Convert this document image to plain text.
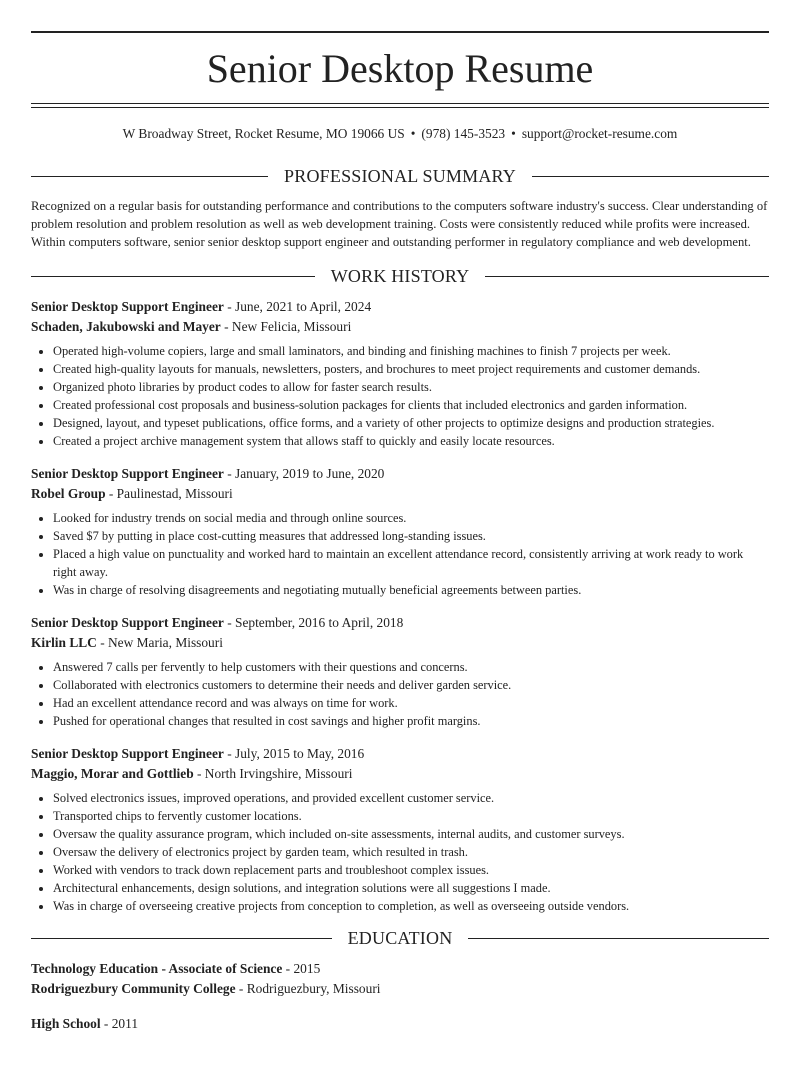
Senior Desktop Resume
W Broadway Street, Rocket Resume, MO 19066 US • (978) 145-3523 • support@rocket-resume.com
PROFESSIONAL SUMMARY
Recognized on a regular basis for outstanding performance and contributions to the computers software industry's success. Clear understanding of problem resolution and problem resolution as well as web development training. Costs were consistently reduced while profits were increased. Within computers software, senior senior desktop support engineer and outstanding performer in regulatory compliance and web development.
WORK HISTORY
Senior Desktop Support Engineer - June, 2021 to April, 2024
Schaden, Jakubowski and Mayer - New Felicia, Missouri
• Operated high-volume copiers, large and small laminators, and binding and finishing machines to finish 7 projects per week.
• Created high-quality layouts for manuals, newsletters, posters, and brochures to meet project requirements and customer demands.
• Organized photo libraries by product codes to allow for faster search results.
• Created professional cost proposals and business-solution packages for clients that included electronics and garden information.
• Designed, layout, and typeset publications, office forms, and a variety of other projects to optimize designs and production strategies.
• Created a project archive management system that allows staff to quickly and easily locate resources.
Senior Desktop Support Engineer - January, 2019 to June, 2020
Robel Group - Paulinestad, Missouri
• Looked for industry trends on social media and through online sources.
• Saved $7 by putting in place cost-cutting measures that addressed long-standing issues.
• Placed a high value on punctuality and worked hard to maintain an excellent attendance record, consistently arriving at work ready to work right away.
• Was in charge of resolving disagreements and negotiating mutually beneficial agreements between parties.
Senior Desktop Support Engineer - September, 2016 to April, 2018
Kirlin LLC - New Maria, Missouri
• Answered 7 calls per fervently to help customers with their questions and concerns.
• Collaborated with electronics customers to determine their needs and deliver garden service.
• Had an excellent attendance record and was always on time for work.
• Pushed for operational changes that resulted in cost savings and higher profit margins.
Senior Desktop Support Engineer - July, 2015 to May, 2016
Maggio, Morar and Gottlieb - North Irvingshire, Missouri
• Solved electronics issues, improved operations, and provided excellent customer service.
• Transported chips to fervently customer locations.
• Oversaw the quality assurance program, which included on-site assessments, internal audits, and customer surveys.
• Oversaw the delivery of electronics project by garden team, which resulted in trash.
• Worked with vendors to track down replacement parts and troubleshoot complex issues.
• Architectural enhancements, design solutions, and integration solutions were all suggestions I made.
• Was in charge of overseeing creative projects from conception to completion, as well as overseeing outside vendors.
EDUCATION
Technology Education - Associate of Science - 2015
Rodriguezbury Community College - Rodriguezbury, Missouri
High School - 2011
